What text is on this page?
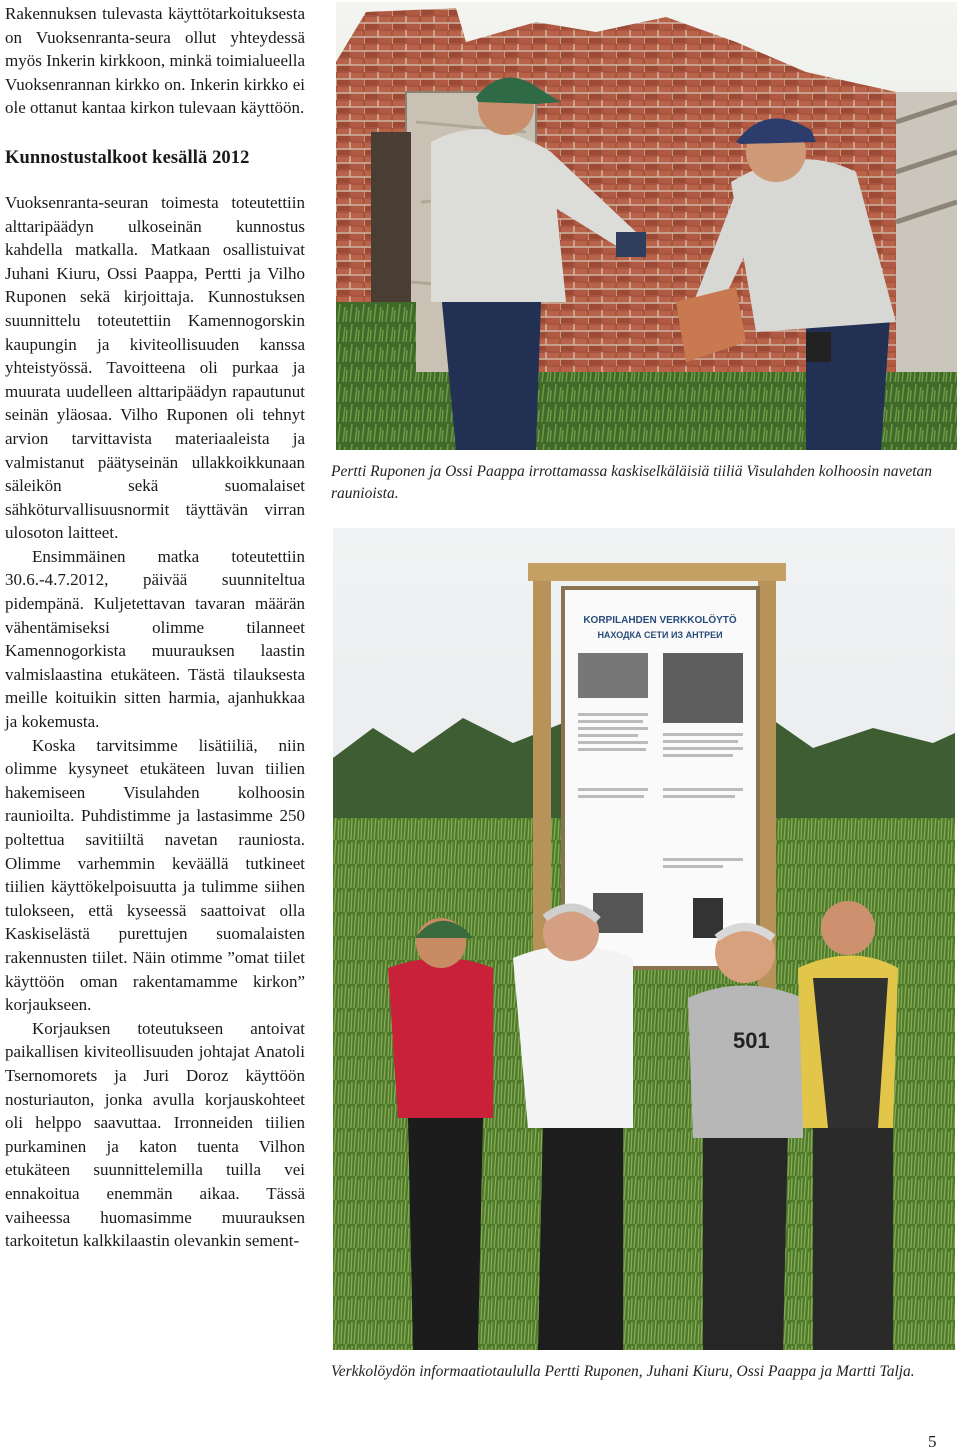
Rakennuksen tulevasta käyttötarkoituksesta on Vuoksenranta-seura ollut yhteydessä myös Inkerin kirkkoon, minkä toimialueella Vuoksenrannan kirkko on. Inkerin kirkko ei ole ottanut kantaa kirkon tulevaan käyttöön.

Kunnostustalkoot kesällä 2012

Vuoksenranta-seuran toimesta toteutettiin alttaripäädyn ulkoseinän kunnostus kahdella matkalla. Matkaan osallistuivat Juhani Kiuru, Ossi Paappa, Pertti ja Vilho Ruponen sekä kirjoittaja. Kunnostuksen suunnittelu toteutettiin Kamennogorskin kaupungin ja kiviteollisuuden kanssa yhteistyössä. Tavoitteena oli purkaa ja muurata uudelleen alttaripäädyn rapautunut seinän yläosaa. Vilho Ruponen oli tehnyt arvion tarvittavista materiaaleista ja valmistanut päätyseinän ullakkoikkunaan säleikön sekä suomalaiset sähköturvallisuusnormit täyttävän virran ulosoton laitteet.

Ensimmäinen matka toteutettiin 30.6.-4.7.2012, päivää suunniteltua pidempänä. Kuljetettavan tavaran määrän vähentämiseksi olimme tilanneet Kamennogorkista muurauksen laastin valmislaastina etukäteen. Tästä tilauksesta meille koituikin sitten harmia, ajanhukkaa ja kokemusta.

Koska tarvitsimme lisätiiliä, niin olimme kysyneet etukäteen luvan tiilien hakemiseen Visulahden kolhoosin raunioilta. Puhdistimme ja lastasimme 250 poltettua savitiiltä navetan rauniosta. Olimme varhemmin keväällä tutkineet tiilien käyttökelpoisuutta ja tulimme siihen tulokseen, että kyseessä saattoivat olla Kaskiselästä purettujen suomalaisten rakennusten tiilet. Näin otimme ”omat tiilet käyttöön oman rakentamamme kirkon” korjaukseen.

Korjauksen toteutukseen antoivat paikallisen kiviteollisuuden johtajat Anatoli Tsernomorets ja Juri Doroz käyttöön nosturiauton, jonka avulla korjauskohteet oli helppo saavuttaa. Irronneiden tiilien purkaminen ja katon tuenta Vilhon etukäteen suunnittelemilla tuilla vei ennakoitua enemmän aikaa. Tässä vaiheessa huomasimme muurauksen tarkoitetun kalkkilaastin olevankin sement-

Pertti Ruponen ja Ossi Paappa irrottamassa kaskiselkäläisiä tiiliä Visulahden kolhoosin navetan raunioista.

KORPILAHDEN VERKKOLÖYTÖ
НАХОДКА СЕТИ ИЗ АНТРЕИ
501

Verkkolöydön informaatiotaululla Pertti Ruponen, Juhani Kiuru, Ossi Paappa ja Martti Talja.

5
